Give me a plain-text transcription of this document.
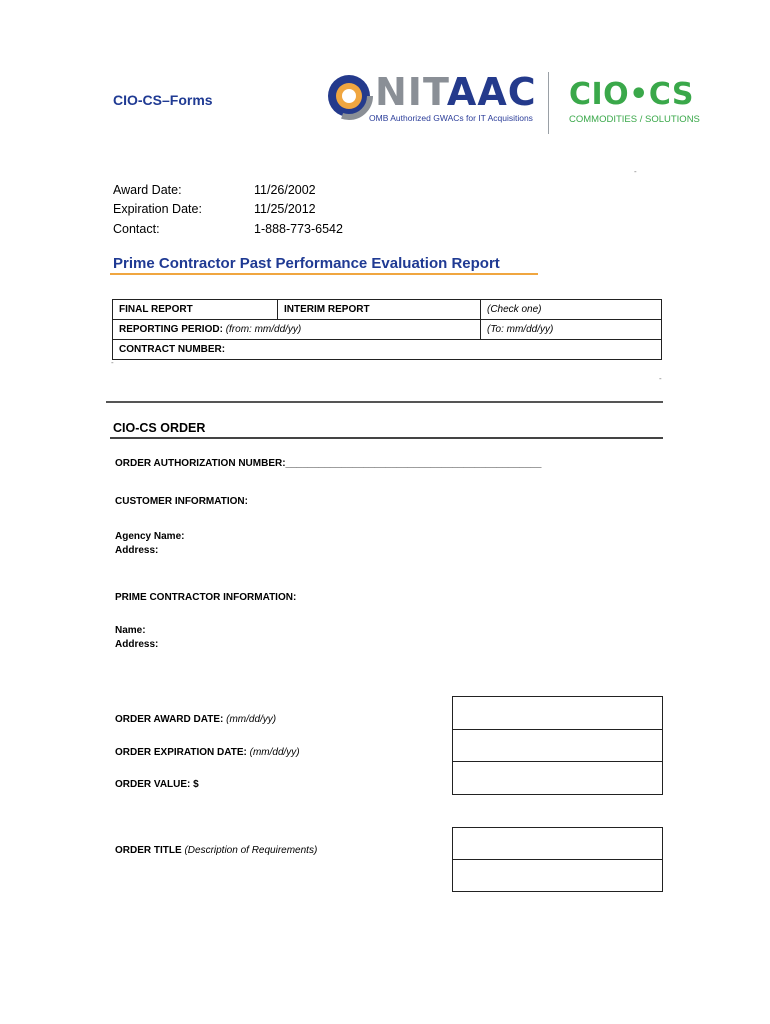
CIO-CS–Forms	NITAAC
OMB Authorized GWACs for IT Acquisitions
CIO•CS
COMMODITIES / SOLUTIONS
-
Award Date:	11/26/2002
Expiration Date:	11/25/2012
Contact:	1-888-773-6542
Prime Contractor Past Performance Evaluation Report
FINAL REPORT	INTERIM REPORT	(Check one)
REPORTING PERIOD: (from: mm/dd/yy)		(To: mm/dd/yy)
CONTRACT NUMBER:		
-
-
CIO-CS ORDER
ORDER AUTHORIZATION NUMBER:______________________________________________
CUSTOMER INFORMATION:
Agency Name:
Address:
PRIME CONTRACTOR INFORMATION:
Name:
Address:
ORDER AWARD DATE: (mm/dd/yy)
ORDER EXPIRATION DATE: (mm/dd/yy)
ORDER VALUE: $
ORDER TITLE (Description of Requirements)
